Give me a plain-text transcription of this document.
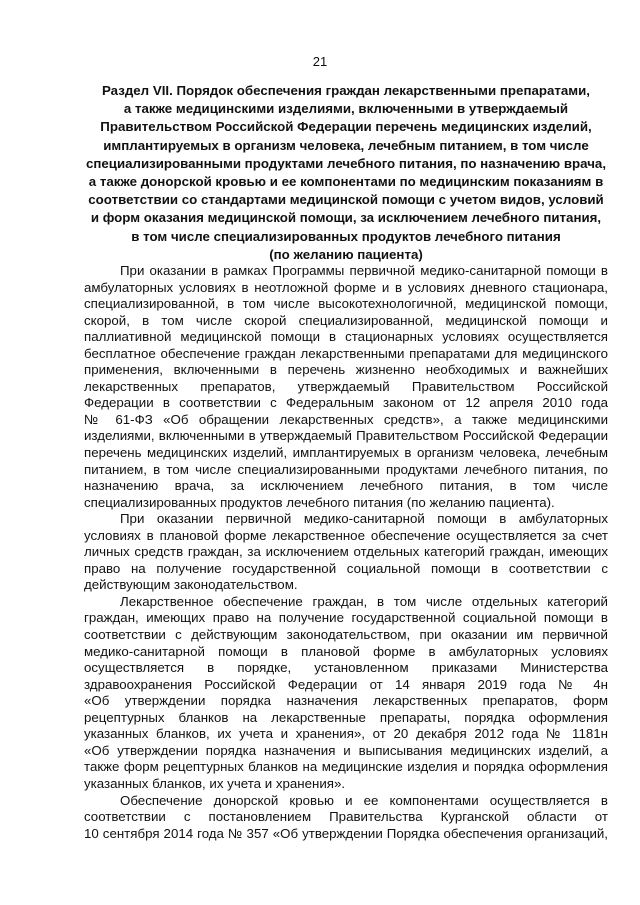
21
Раздел VII. Порядок обеспечения граждан лекарственными препаратами,
а также медицинскими изделиями, включенными в утверждаемый
Правительством Российской Федерации перечень медицинских изделий,
имплантируемых в организм человека, лечебным питанием, в том числе
специализированными продуктами лечебного питания, по назначению врача,
а также донорской кровью и ее компонентами по медицинским показаниям в
соответствии со стандартами медицинской помощи с учетом видов, условий
и форм оказания медицинской помощи, за исключением лечебного питания,
в том числе специализированных продуктов лечебного питания
(по желанию пациента)
При оказании в рамках Программы первичной медико-санитарной помощи в
амбулаторных условиях в неотложной форме и в условиях дневного стационара,
специализированной, в том числе высокотехнологичной, медицинской помощи,
скорой, в том числе скорой специализированной, медицинской помощи и
паллиативной медицинской помощи в стационарных условиях осуществляется
бесплатное обеспечение граждан лекарственными препаратами для медицинского
применения, включенными в перечень жизненно необходимых и важнейших
лекарственных препаратов, утверждаемый Правительством Российской
Федерации в соответствии с Федеральным законом от 12 апреля 2010 года
№ 61-ФЗ «Об обращении лекарственных средств», а также медицинскими
изделиями, включенными в утверждаемый Правительством Российской Федерации
перечень медицинских изделий, имплантируемых в организм человека, лечебным
питанием, в том числе специализированными продуктами лечебного питания, по
назначению врача, за исключением лечебного питания, в том числе
специализированных продуктов лечебного питания (по желанию пациента).
При оказании первичной медико-санитарной помощи в амбулаторных
условиях в плановой форме лекарственное обеспечение осуществляется за счет
личных средств граждан, за исключением отдельных категорий граждан, имеющих
право на получение государственной социальной помощи в соответствии с
действующим законодательством.
Лекарственное обеспечение граждан, в том числе отдельных категорий
граждан, имеющих право на получение государственной социальной помощи в
соответствии с действующим законодательством, при оказании им первичной
медико-санитарной помощи в плановой форме в амбулаторных условиях
осуществляется в порядке, установленном приказами Министерства
здравоохранения Российской Федерации от 14 января 2019 года № 4н
«Об утверждении порядка назначения лекарственных препаратов, форм
рецептурных бланков на лекарственные препараты, порядка оформления
указанных бланков, их учета и хранения», от 20 декабря 2012 года № 1181н
«Об утверждении порядка назначения и выписывания медицинских изделий, а
также форм рецептурных бланков на медицинские изделия и порядка оформления
указанных бланков, их учета и хранения».
Обеспечение донорской кровью и ее компонентами осуществляется в
соответствии с постановлением Правительства Курганской области от
10 сентября 2014 года № 357 «Об утверждении Порядка обеспечения организаций,
